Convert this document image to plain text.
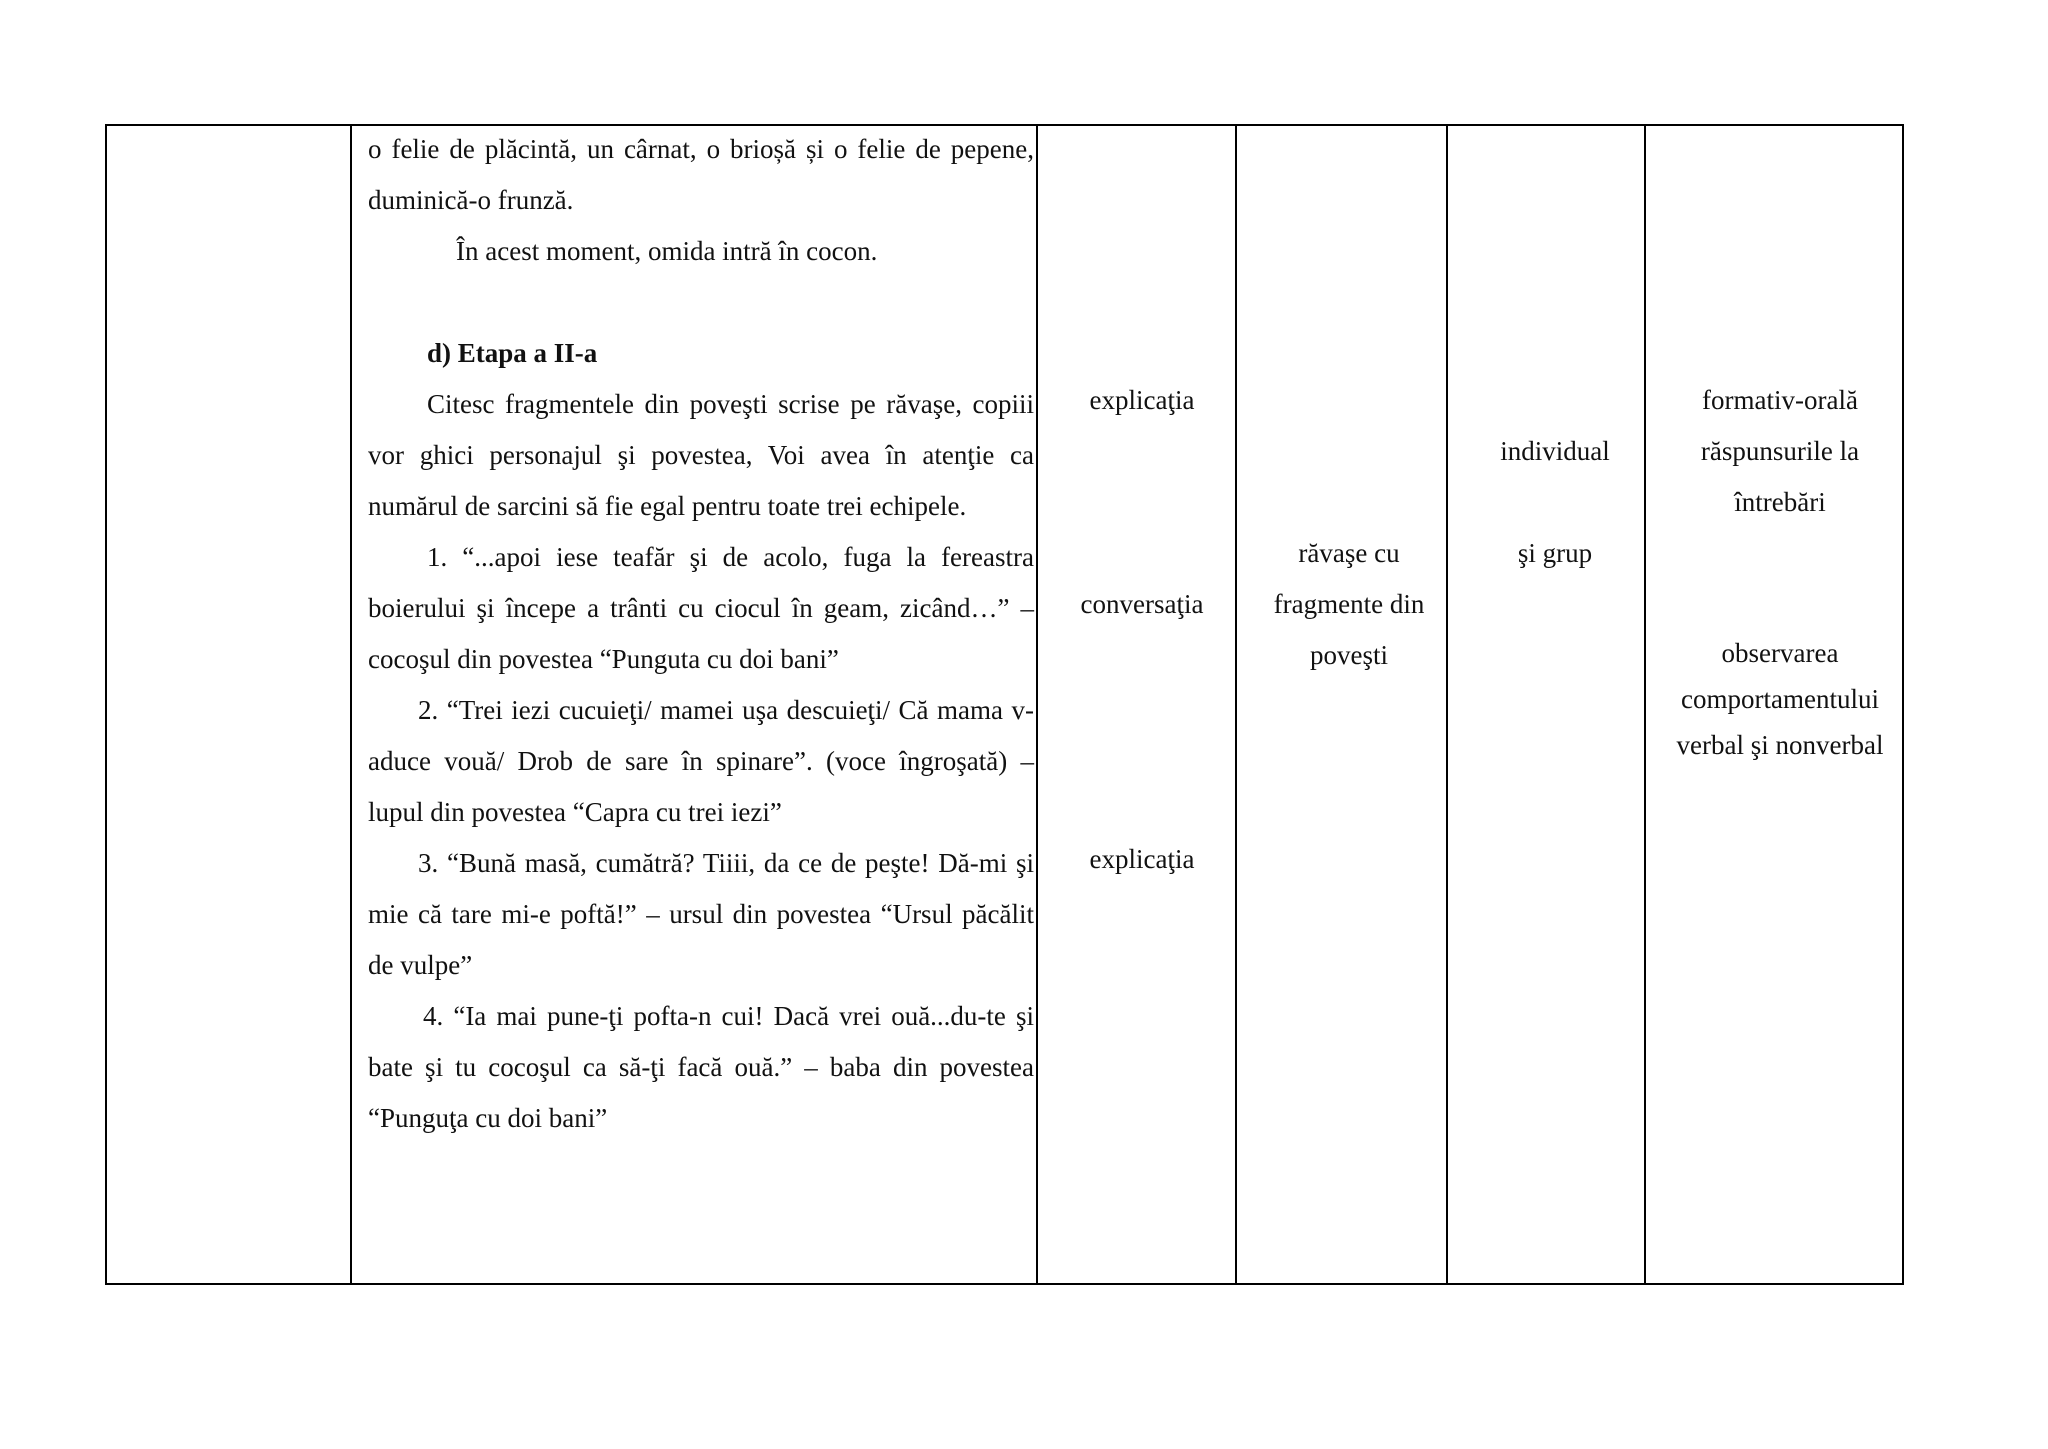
o felie de plăcintă, un cârnat, o brioșă și o felie de pepene, duminică-o frunză.

În acest moment, omida intră în cocon.

d) Etapa a II-a

Citesc fragmentele din poveşti scrise pe răvaşe, copiii vor ghici personajul şi povestea, Voi avea în atenţie ca numărul de sarcini să fie egal pentru toate trei echipele.

1. “...apoi iese teafăr şi de acolo, fuga la fereastra boierului şi începe a trânti cu ciocul în geam, zicând…” – cocoşul din povestea “Punguta cu doi bani”

2. “Trei iezi cucuieţi/ mamei uşa descuieţi/ Că mama v-aduce vouă/ Drob de sare în spinare”. (voce îngroşată) – lupul din povestea “Capra cu trei iezi”

3. “Bună masă, cumătră? Tiiii, da ce de peşte! Dă-mi şi mie că tare mi-e poftă!” – ursul din povestea “Ursul păcălit de vulpe”

4. “Ia mai pune-ţi pofta-n cui! Dacă vrei ouă...du-te şi bate şi tu cocoşul ca să-ţi facă ouă.” – baba din povestea “Punguţa cu doi bani”

explicaţia
conversaţia
explicaţia
răvaşe cu
fragmente din
poveşti
individual
şi grup
formativ-orală
răspunsurile la
întrebări
observarea
comportamentului
verbal şi nonverbal
